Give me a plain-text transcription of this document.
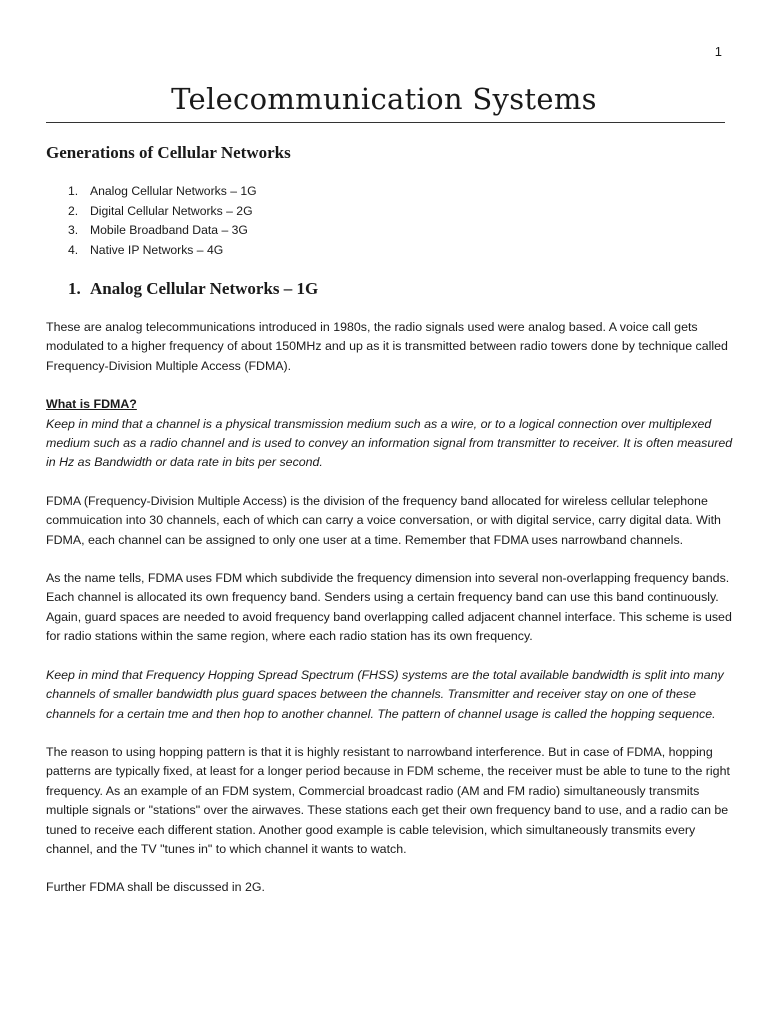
1
Telecommunication Systems
Generations of Cellular Networks
1. Analog Cellular Networks – 1G
2. Digital Cellular Networks – 2G
3. Mobile Broadband Data – 3G
4. Native IP Networks – 4G
1. Analog Cellular Networks – 1G

These are analog telecommunications introduced in 1980s, the radio signals used were analog based. A voice call gets modulated to a higher frequency of about 150MHz and up as it is transmitted between radio towers done by technique called Frequency-Division Multiple Access (FDMA).

What is FDMA?
Keep in mind that a channel is a physical transmission medium such as a wire, or to a logical connection over multiplexed medium such as a radio channel and is used to convey an information signal from transmitter to receiver. It is often measured in Hz as Bandwidth or data rate in bits per second.

FDMA (Frequency-Division Multiple Access) is the division of the frequency band allocated for wireless cellular telephone commuication into 30 channels, each of which can carry a voice conversation, or with digital service, carry digital data. With FDMA, each channel can be assigned to only one user at a time. Remember that FDMA uses narrowband channels.

As the name tells, FDMA uses FDM which subdivide the frequency dimension into several non-overlapping frequency bands. Each channel is allocated its own frequency band. Senders using a certain frequency band can use this band continuously. Again, guard spaces are needed to avoid frequency band overlapping called adjacent channel interface. This scheme is used for radio stations within the same region, where each radio station has its own frequency.

Keep in mind that Frequency Hopping Spread Spectrum (FHSS) systems are the total available bandwidth is split into many channels of smaller bandwidth plus guard spaces between the channels. Transmitter and receiver stay on one of these channels for a certain tme and then hop to another channel. The pattern of channel usage is called the hopping sequence.

The reason to using hopping pattern is that it is highly resistant to narrowband interference. But in case of FDMA, hopping patterns are typically fixed, at least for a longer period because in FDM scheme, the receiver must be able to tune to the right frequency. As an example of an FDM system, Commercial broadcast radio (AM and FM radio) simultaneously transmits multiple signals or "stations" over the airwaves. These stations each get their own frequency band to use, and a radio can be tuned to receive each different station. Another good example is cable television, which simultaneously transmits every channel, and the TV "tunes in" to which channel it wants to watch.

Further FDMA shall be discussed in 2G.
